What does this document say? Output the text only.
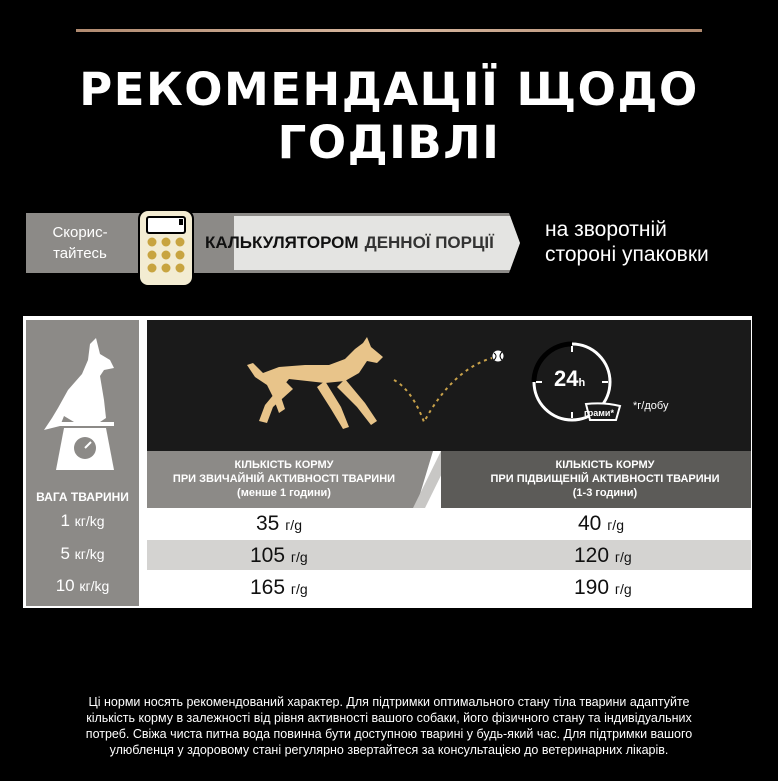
РЕКОМЕНДАЦІЇ ЩОДО ГОДІВЛІ
Скорис-
тайтесь
КАЛЬКУЛЯТОРОМ ДЕННОЇ ПОРЦІЇ
на зворотній
стороні упаковки
ВАГА ТВАРИНИ
24h
грами*
*г/добу
КІЛЬКІСТЬ КОРМУ
ПРИ ЗВИЧАЙНІЙ АКТИВНОСТІ ТВАРИНИ
(менше 1 години)
КІЛЬКІСТЬ КОРМУ
ПРИ ПІДВИЩЕНІЙ АКТИВНОСТІ ТВАРИНИ
(1-3 години)
1 кг/kg	35 г/g	40 г/g
5 кг/kg	105 г/g	120 г/g
10 кг/kg	165 г/g	190 г/g
Ці норми носять рекомендований характер. Для підтримки оптимального стану тіла тварини адаптуйте
кількість корму в залежності від рівня активності вашого собаки, його фізичного стану та індивідуальних
потреб. Свіжа чиста питна вода повинна бути доступною тварині у будь-який час. Для підтримки вашого
улюбленця у здоровому стані регулярно звертайтеся за консультацією до ветеринарних лікарів.
